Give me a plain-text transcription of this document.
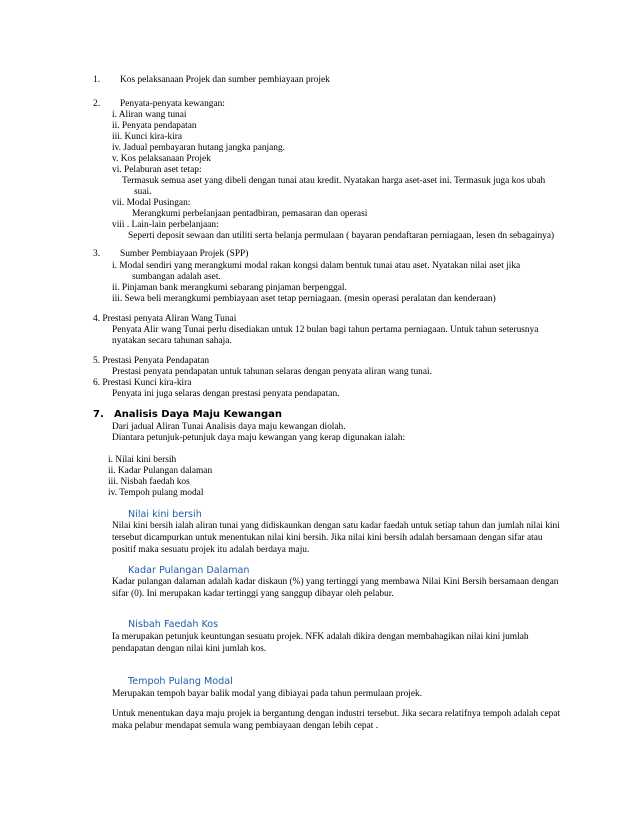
1. Kos pelaksanaan Projek dan sumber pembiayaan projek
2. Penyata-penyata kewangan:
i. Aliran wang tunai
ii. Penyata pendapatan
iii. Kunci kira-kira
iv. Jadual pembayaran hutang jangka panjang.
v. Kos pelaksanaan Projek
vi. Pelaburan aset tetap:
Termasuk semua aset yang dibeli dengan tunai atau kredit. Nyatakan harga aset-aset ini. Termasuk juga kos ubah
suai.
vii. Modal Pusingan:
Merangkumi perbelanjaan pentadbiran, pemasaran dan operasi
viii . Lain-lain perbelanjaan:
Seperti deposit sewaan dan utiliti serta belanja permulaan ( bayaran pendaftaran perniagaan, lesen dn sebagainya)
3. Sumber Pembiayaan Projek (SPP)
i. Modal sendiri yang merangkumi modal rakan kongsi dalam bentuk tunai atau aset. Nyatakan nilai aset jika
sumbangan adalah aset.
ii. Pinjaman bank merangkumi sebarang pinjaman berpenggal.
iii. Sewa beli merangkumi pembiayaan aset tetap perniagaan. (mesin operasi peralatan dan kenderaan)
4. Prestasi penyata Aliran Wang Tunai
Penyata Alir wang Tunai perlu disediakan untuk 12 bulan bagi tahun pertama perniagaan. Untuk tahun seterusnya
nyatakan secara tahunan sahaja.
5. Prestasi Penyata Pendapatan
Prestasi penyata pendapatan untuk tahunan selaras dengan penyata aliran wang tunai.
6. Prestasi Kunci kira-kira
Penyata ini juga selaras dengan prestasi penyata pendapatan.
7. Analisis Daya Maju Kewangan
Dari jadual Aliran Tunai Analisis daya maju kewangan diolah.
Diantara petunjuk-petunjuk daya maju kewangan yang kerap digunakan ialah:
i. Nilai kini bersih
ii. Kadar Pulangan dalaman
iii. Nisbah faedah kos
iv. Tempoh pulang modal
Nilai kini bersih
Nilai kini bersih ialah aliran tunai yang didiskaunkan dengan satu kadar faedah untuk setiap tahun dan jumlah nilai kini
tersebut dicampurkan untuk menentukan nilai kini bersih. Jika nilai kini bersih adalah bersamaan dengan sifar atau
positif maka sesuatu projek itu adalah berdaya maju.
Kadar Pulangan Dalaman
Kadar pulangan dalaman adalah kadar diskaun (%) yang tertinggi yang membawa Nilai Kini Bersih bersamaan dengan
sifar (0). Ini merupakan kadar tertinggi yang sanggup dibayar oleh pelabur.
Nisbah Faedah Kos
Ia merupakan petunjuk keuntungan sesuatu projek. NFK adalah dikira dengan membahagikan nilai kini jumlah
pendapatan dengan nilai kini jumlah kos.
Tempoh Pulang Modal
Merupakan tempoh bayar balik modal yang dibiayai pada tahun permulaan projek.
Untuk menentukan daya maju projek ia bergantung dengan industri tersebut. Jika secara relatifnya tempoh adalah cepat
maka pelabur mendapat semula wang pembiayaan dengan lebih cepat .
